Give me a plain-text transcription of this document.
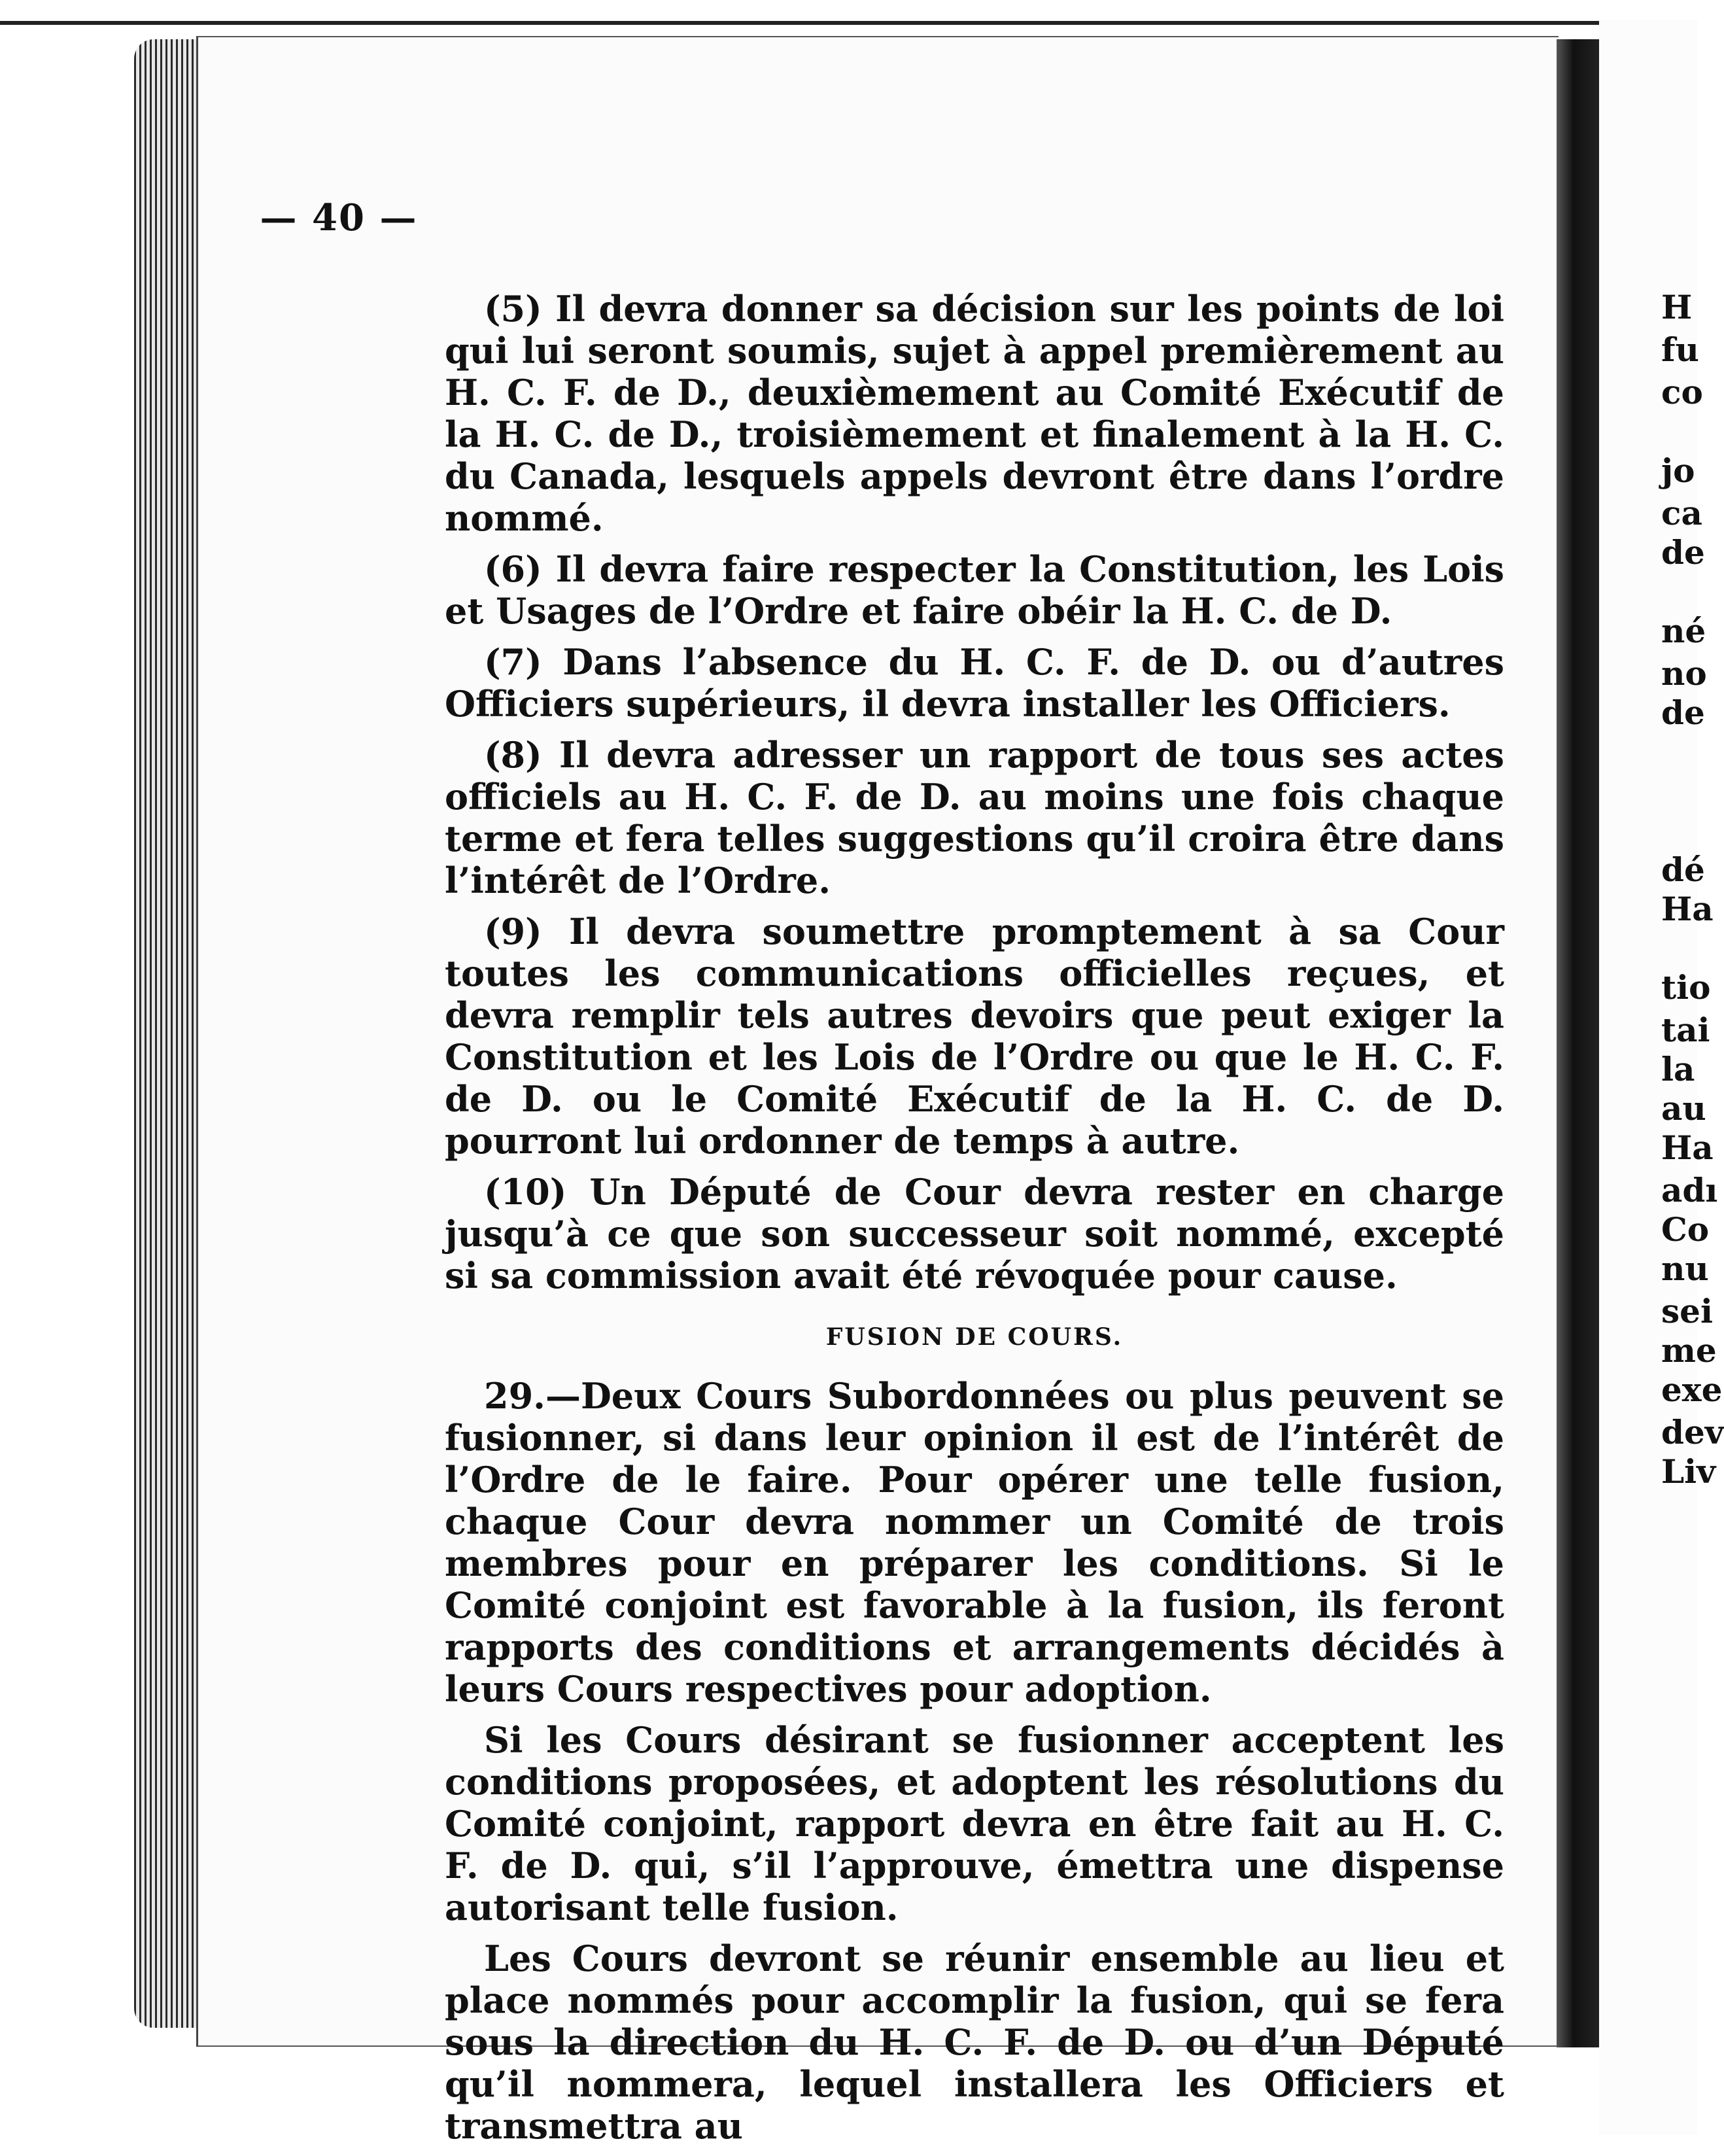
— 40 —

(5) Il devra donner sa décision sur les points de loi qui lui seront soumis, sujet à appel premièrement au H. C. F. de D., deuxièmement au Comité Exécutif de la H. C. de D., troisièmement et finalement à la H. C. du Canada, lesquels appels devront être dans l’ordre nommé.

(6) Il devra faire respecter la Constitution, les Lois et Usages de l’Ordre et faire obéir la H. C. de D.

(7) Dans l’absence du H. C. F. de D. ou d’autres Officiers supérieurs, il devra installer les Officiers.

(8) Il devra adresser un rapport de tous ses actes officiels au H. C. F. de D. au moins une fois chaque terme et fera telles suggestions qu’il croira être dans l’intérêt de l’Ordre.

(9) Il devra soumettre promptement à sa Cour toutes les communications officielles reçues, et devra remplir tels autres devoirs que peut exiger la Constitution et les Lois de l’Ordre ou que le H. C. F. de D. ou le Comité Exécutif de la H. C. de D. pourront lui ordonner de temps à autre.

(10) Un Député de Cour devra rester en charge jusqu’à ce que son successeur soit nommé, excepté si sa commission avait été révoquée pour cause.

FUSION DE COURS.

29.—Deux Cours Subordonnées ou plus peuvent se fusionner, si dans leur opinion il est de l’intérêt de l’Ordre de le faire. Pour opérer une telle fusion, chaque Cour devra nommer un Comité de trois membres pour en préparer les conditions. Si le Comité conjoint est favorable à la fusion, ils feront rapports des conditions et arrangements décidés à leurs Cours respectives pour adoption.

Si les Cours désirant se fusionner acceptent les conditions proposées, et adoptent les résolutions du Comité conjoint, rapport devra en être fait au H. C. F. de D. qui, s’il l’approuve, émettra une dispense autorisant telle fusion.

Les Cours devront se réunir ensemble au lieu et place nommés pour accomplir la fusion, qui se fera sous la direction du H. C. F. de D. ou d’un Député qu’il nommera, lequel installera les Officiers et transmettra au

H
fu
co
jo
ca
de
né
no
de
dé
Ha
tio
tai
la
au
Ha
adı
Co
nu
sei
me
exe
dev
Liv
